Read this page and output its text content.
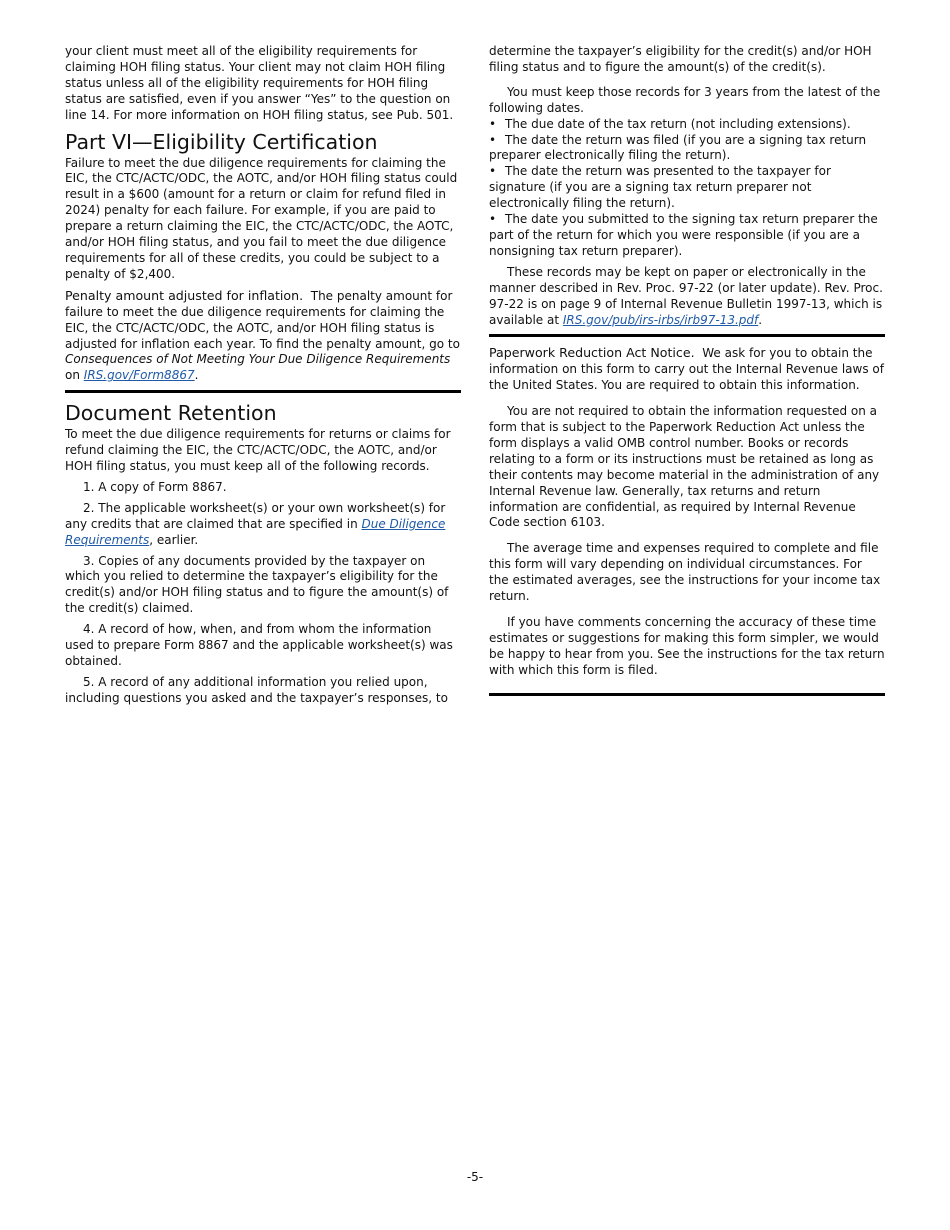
your client must meet all of the eligibility requirements for claiming HOH filing status. Your client may not claim HOH filing status unless all of the eligibility requirements for HOH filing status are satisfied, even if you answer “Yes” to the question on line 14. For more information on HOH filing status, see Pub. 501.

Part VI—Eligibility Certification

Failure to meet the due diligence requirements for claiming the EIC, the CTC/ACTC/ODC, the AOTC, and/or HOH filing status could result in a $600 (amount for a return or claim for refund filed in 2024) penalty for each failure. For example, if you are paid to prepare a return claiming the EIC, the CTC/ACTC/ODC, the AOTC, and/or HOH filing status, and you fail to meet the due diligence requirements for all of these credits, you could be subject to a penalty of $2,400.

Penalty amount adjusted for inflation. The penalty amount for failure to meet the due diligence requirements for claiming the EIC, the CTC/ACTC/ODC, the AOTC, and/or HOH filing status is adjusted for inflation each year. To find the penalty amount, go to Consequences of Not Meeting Your Due Diligence Requirements on IRS.gov/Form8867.

Document Retention

To meet the due diligence requirements for returns or claims for refund claiming the EIC, the CTC/ACTC/ODC, the AOTC, and/or HOH filing status, you must keep all of the following records.

1. A copy of Form 8867.

2. The applicable worksheet(s) or your own worksheet(s) for any credits that are claimed that are specified in Due Diligence Requirements, earlier.

3. Copies of any documents provided by the taxpayer on which you relied to determine the taxpayer’s eligibility for the credit(s) and/or HOH filing status and to figure the amount(s) of the credit(s) claimed.

4. A record of how, when, and from whom the information used to prepare Form 8867 and the applicable worksheet(s) was obtained.

5. A record of any additional information you relied upon, including questions you asked and the taxpayer’s responses, to

determine the taxpayer’s eligibility for the credit(s) and/or HOH filing status and to figure the amount(s) of the credit(s).

You must keep those records for 3 years from the latest of the following dates.

• The due date of the tax return (not including extensions).

• The date the return was filed (if you are a signing tax return preparer electronically filing the return).

• The date the return was presented to the taxpayer for signature (if you are a signing tax return preparer not electronically filing the return).

• The date you submitted to the signing tax return preparer the part of the return for which you were responsible (if you are a nonsigning tax return preparer).

These records may be kept on paper or electronically in the manner described in Rev. Proc. 97-22 (or later update). Rev. Proc. 97-22 is on page 9 of Internal Revenue Bulletin 1997-13, which is available at IRS.gov/pub/irs-irbs/irb97-13.pdf.

Paperwork Reduction Act Notice. We ask for you to obtain the information on this form to carry out the Internal Revenue laws of the United States. You are required to obtain this information.

You are not required to obtain the information requested on a form that is subject to the Paperwork Reduction Act unless the form displays a valid OMB control number. Books or records relating to a form or its instructions must be retained as long as their contents may become material in the administration of any Internal Revenue law. Generally, tax returns and return information are confidential, as required by Internal Revenue Code section 6103.

The average time and expenses required to complete and file this form will vary depending on individual circumstances. For the estimated averages, see the instructions for your income tax return.

If you have comments concerning the accuracy of these time estimates or suggestions for making this form simpler, we would be happy to hear from you. See the instructions for the tax return with which this form is filed.

-5-
